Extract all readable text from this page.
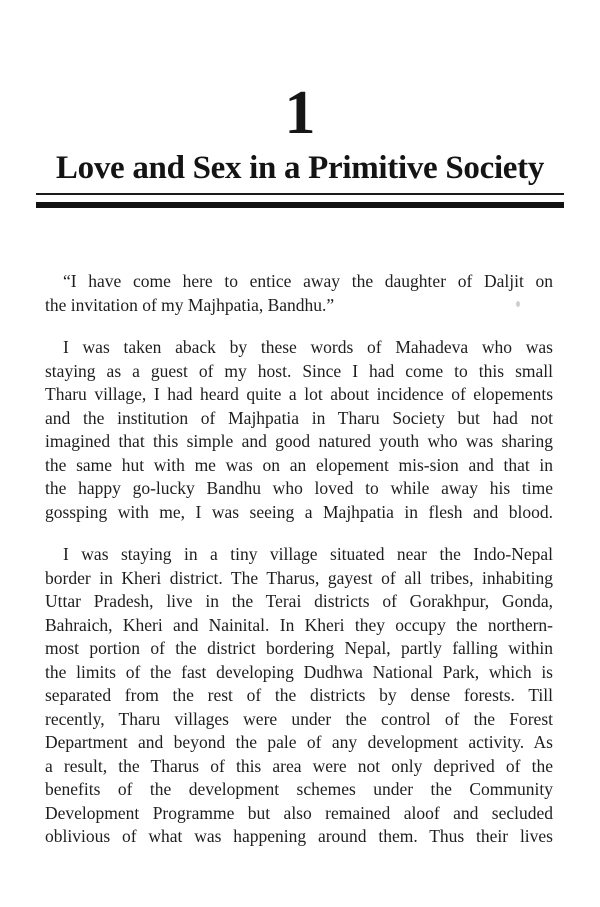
1
Love and Sex in a Primitive Society

“I have come here to entice away the daughter of Daljit on
the invitation of my Majhpatia, Bandhu.”

I was taken aback by these words of Mahadeva who was
staying as a guest of my host. Since I had come to this small
Tharu village, I had heard quite a lot about incidence of elopements
and the institution of Majhpatia in Tharu Society but had not
imagined that this simple and good natured youth who was sharing
the same hut with me was on an elopement mis-sion and that in
the happy go-lucky Bandhu who loved to while away his time
gossping with me, I was seeing a Majhpatia in flesh and blood.

I was staying in a tiny village situated near the Indo-Nepal
border in Kheri district. The Tharus, gayest of all tribes, inhabiting
Uttar Pradesh, live in the Terai districts of Gorakhpur, Gonda,
Bahraich, Kheri and Nainital. In Kheri they occupy the northern-
most portion of the district bordering Nepal, partly falling within
the limits of the fast developing Dudhwa National Park, which is
separated from the rest of the districts by dense forests. Till
recently, Tharu villages were under the control of the Forest
Department and beyond the pale of any development activity. As
a result, the Tharus of this area were not only deprived of the
benefits of the development schemes under the Community
Development Programme but also remained aloof and secluded
oblivious of what was happening around them. Thus their lives
